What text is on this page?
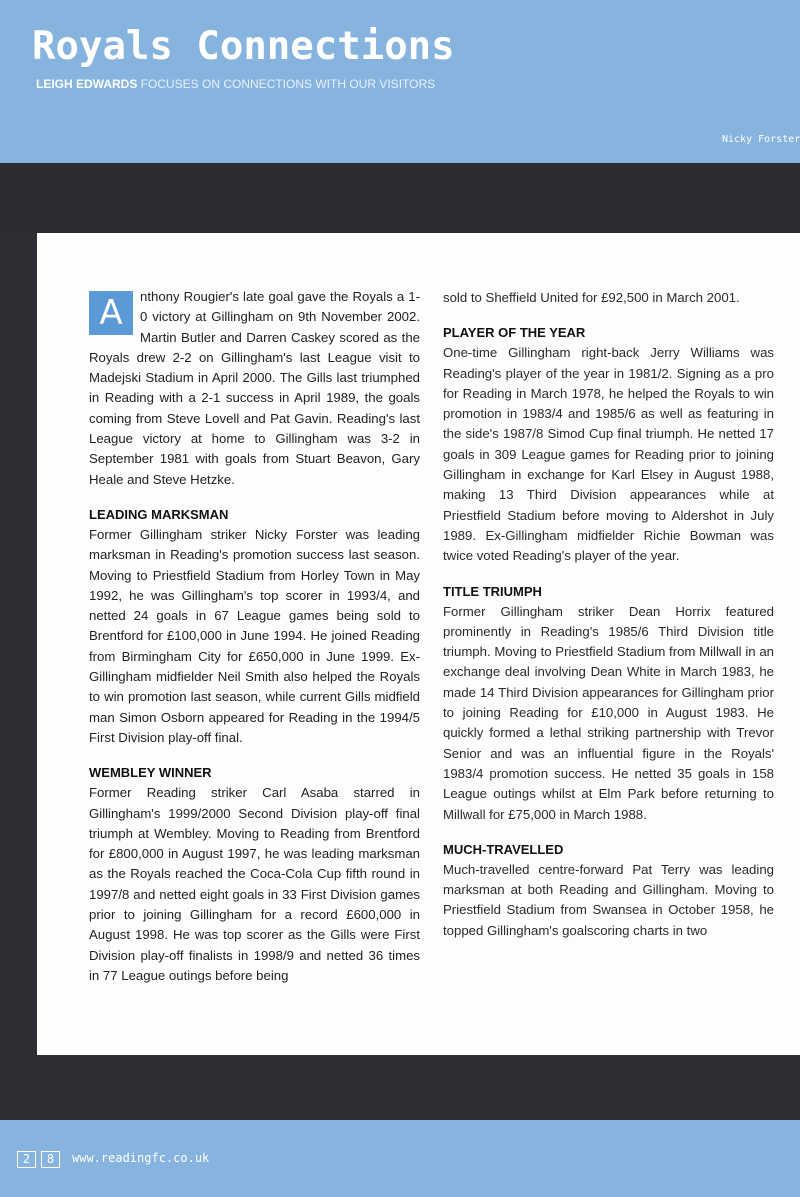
Royals Connections

LEIGH EDWARDS FOCUSES ON CONNECTIONS WITH OUR VISITORS

Nicky Forster
A	nthony Rougier's late goal gave the Royals a 1-0 victory at Gillingham on 9th November 2002. Martin Butler and Darren Caskey scored as the Royals drew 2-2 on Gillingham's last League visit to Madejski Stadium in April 2000. The Gills last triumphed in Reading with a 2-1 success in April 1989, the goals coming from Steve Lovell and Pat Gavin. Reading's last League victory at home to Gillingham was 3-2 in September 1981 with goals from Stuart Beavon, Gary Heale and Steve Hetzke.

LEADING MARKSMAN

Former Gillingham striker Nicky Forster was leading marksman in Reading's promotion success last season. Moving to Priestfield Stadium from Horley Town in May 1992, he was Gillingham's top scorer in 1993/4, and netted 24 goals in 67 League games being sold to Brentford for £100,000 in June 1994. He joined Reading from Birmingham City for £650,000 in June 1999. Ex-Gillingham midfielder Neil Smith also helped the Royals to win promotion last season, while current Gills midfield man Simon Osborn appeared for Reading in the 1994/5 First Division play-off final.

WEMBLEY WINNER

Former Reading striker Carl Asaba starred in Gillingham's 1999/2000 Second Division play-off final triumph at Wembley. Moving to Reading from Brentford for £800,000 in August 1997, he was leading marksman as the Royals reached the Coca-Cola Cup fifth round in 1997/8 and netted eight goals in 33 First Division games prior to joining Gillingham for a record £600,000 in August 1998. He was top scorer as the Gills were First Division play-off finalists in 1998/9 and netted 36 times in 77 League outings before being

sold to Sheffield United for £92,500 in March 2001.

PLAYER OF THE YEAR

One-time Gillingham right-back Jerry Williams was Reading's player of the year in 1981/2. Signing as a pro for Reading in March 1978, he helped the Royals to win promotion in 1983/4 and 1985/6 as well as featuring in the side's 1987/8 Simod Cup final triumph. He netted 17 goals in 309 League games for Reading prior to joining Gillingham in exchange for Karl Elsey in August 1988, making 13 Third Division appearances while at Priestfield Stadium before moving to Aldershot in July 1989. Ex-Gillingham midfielder Richie Bowman was twice voted Reading's player of the year.

TITLE TRIUMPH

Former Gillingham striker Dean Horrix featured prominently in Reading's 1985/6 Third Division title triumph. Moving to Priestfield Stadium from Millwall in an exchange deal involving Dean White in March 1983, he made 14 Third Division appearances for Gillingham prior to joining Reading for £10,000 in August 1983. He quickly formed a lethal striking partnership with Trevor Senior and was an influential figure in the Royals' 1983/4 promotion success. He netted 35 goals in 158 League outings whilst at Elm Park before returning to Millwall for £75,000 in March 1988.

MUCH-TRAVELLED

Much-travelled centre-forward Pat Terry was leading marksman at both Reading and Gillingham. Moving to Priestfield Stadium from Swansea in October 1958, he topped Gillingham's goalscoring charts in two

2	8	www.readingfc.co.uk
